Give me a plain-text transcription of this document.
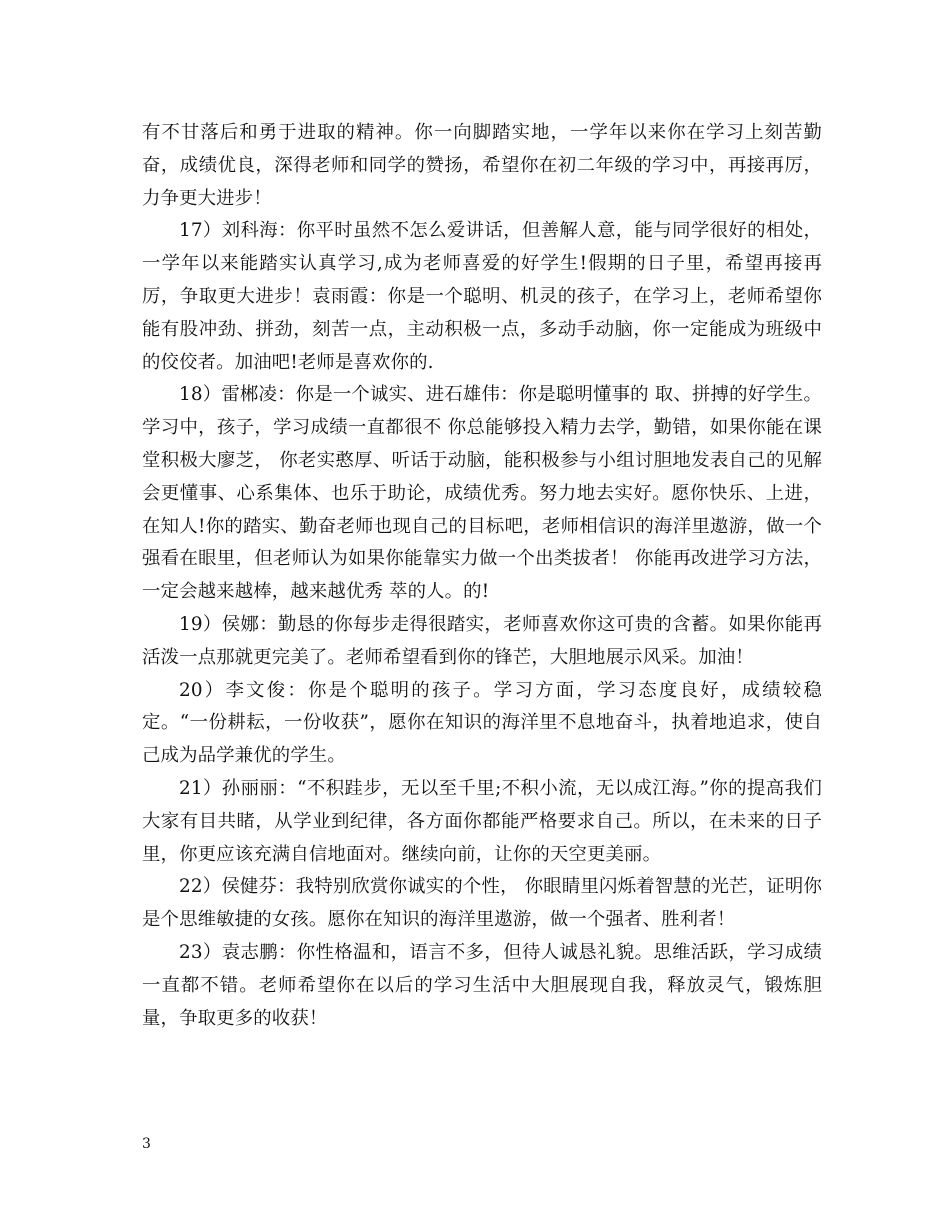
有不甘落后和勇于进取的精神。你一向脚踏实地，一学年以来你在学习上刻苦勤奋，成绩优良，深得老师和同学的赞扬，希望你在初二年级的学习中，再接再厉，力争更大进步！

17）刘科海：你平时虽然不怎么爱讲话，但善解人意，能与同学很好的相处，一学年以来能踏实认真学习,成为老师喜爱的好学生!假期的日子里，希望再接再厉，争取更大进步！袁雨霞：你是一个聪明、机灵的孩子，在学习上，老师希望你能有股冲劲、拼劲，刻苦一点，主动积极一点，多动手动脑，你一定能成为班级中的佼佼者。加油吧!老师是喜欢你的.

18）雷郴凌：你是一个诚实、进石雄伟：你是聪明懂事的 取、拼搏的好学生。学习中，孩子，学习成绩一直都很不 你总能够投入精力去学，勤错，如果你能在课堂积极大廖芝， 你老实憨厚、听话于动脑，能积极参与小组讨胆地发表自己的见解会更懂事、心系集体、也乐于助论，成绩优秀。努力地去实好。愿你快乐、上进，在知人!你的踏实、勤奋老师也现自己的目标吧，老师相信识的海洋里遨游，做一个强看在眼里，但老师认为如果你能靠实力做一个出类拔者！ 你能再改进学习方法，一定会越来越棒，越来越优秀 萃的人。的!

19）侯娜：勤恳的你每步走得很踏实，老师喜欢你这可贵的含蓄。如果你能再活泼一点那就更完美了。老师希望看到你的锋芒，大胆地展示风采。加油！

20）李文俊：你是个聪明的孩子。学习方面，学习态度良好，成绩较稳定。“一份耕耘，一份收获”，愿你在知识的海洋里不息地奋斗，执着地追求，使自己成为品学兼优的学生。

21）孙丽丽：“不积跬步，无以至千里;不积小流，无以成江海。”你的提高我们大家有目共睹，从学业到纪律，各方面你都能严格要求自己。所以，在未来的日子里，你更应该充满自信地面对。继续向前，让你的天空更美丽。

22）侯健芬：我特别欣赏你诚实的个性， 你眼睛里闪烁着智慧的光芒，证明你是个思维敏捷的女孩。愿你在知识的海洋里遨游，做一个强者、胜利者！

23）袁志鹏：你性格温和，语言不多，但待人诚恳礼貌。思维活跃，学习成绩一直都不错。老师希望你在以后的学习生活中大胆展现自我，释放灵气，锻炼胆量，争取更多的收获！

3
